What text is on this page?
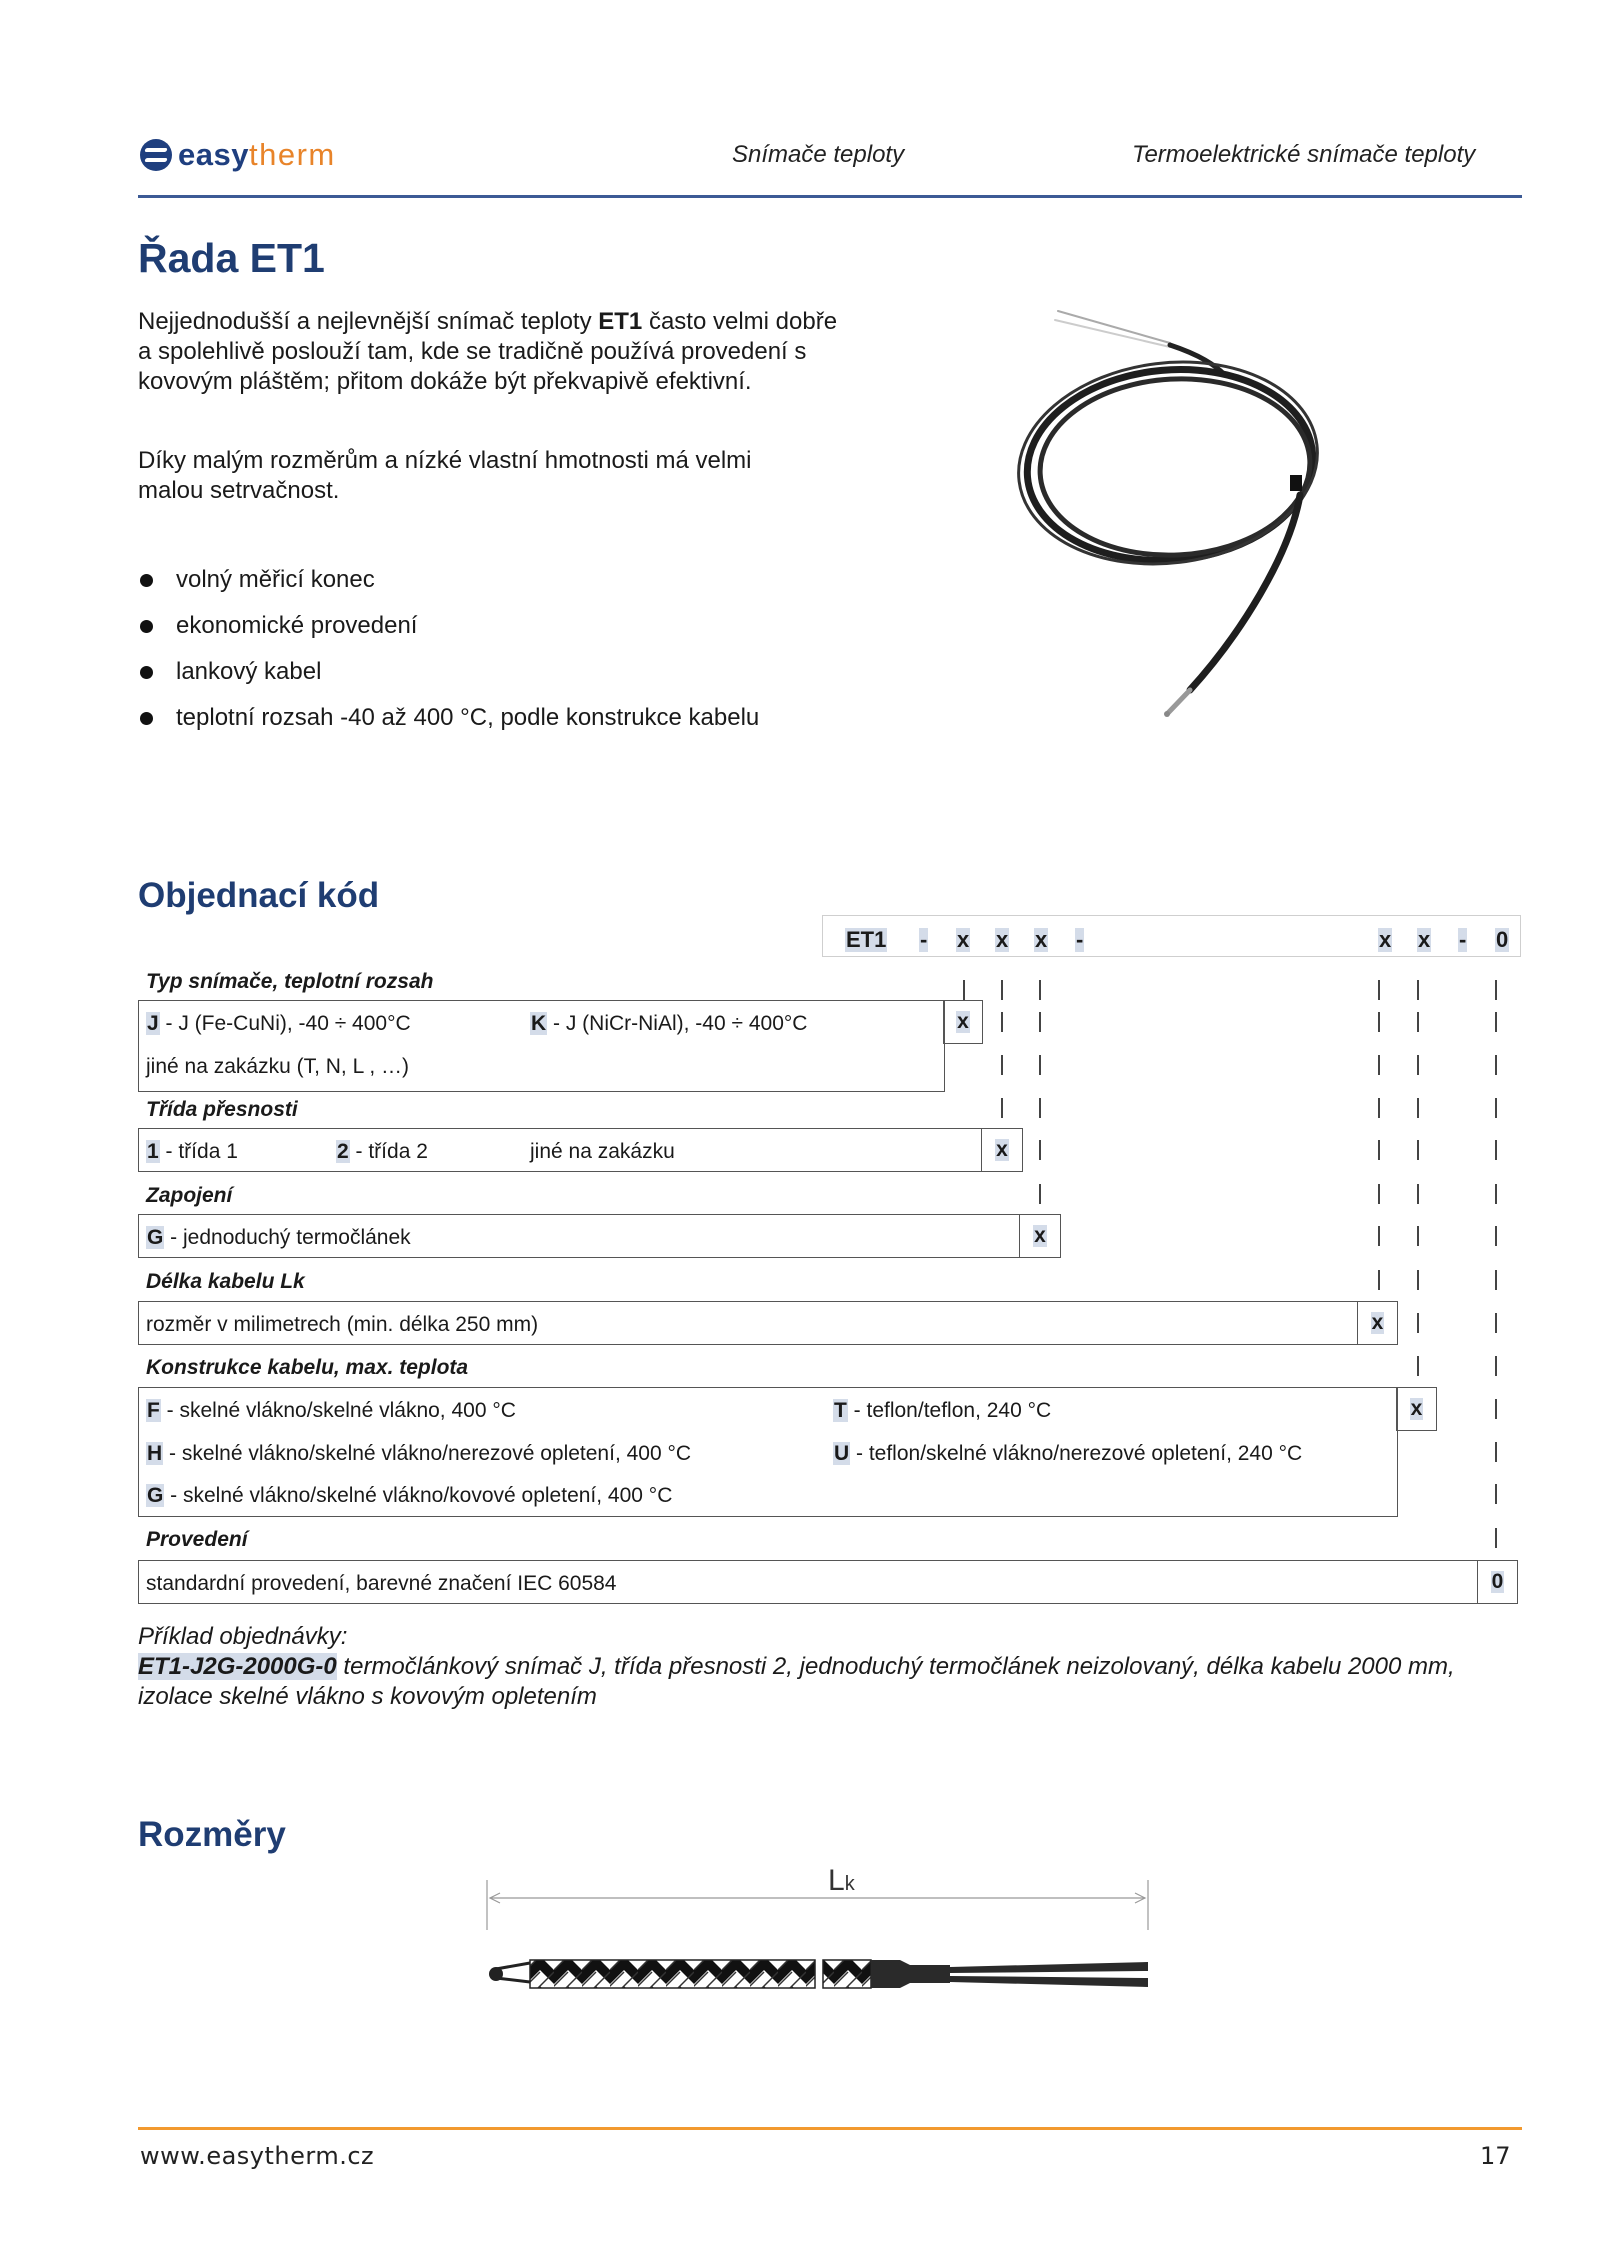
easy therm	Snímače teploty	Termoelektrické snímače teploty
Řada ET1
Nejjednodušší a nejlevnější snímač teploty ET1 často velmi dobře a spolehlivě poslouží tam, kde se tradičně používá provedení s kovovým pláštěm; přitom dokáže být překvapivě efektivní.
Díky malým rozměrům a nízké vlastní hmotnosti má velmi malou setrvačnost.
volný měřicí konec
ekonomické provedení
lankový kabel
teplotní rozsah -40 až 400 °C, podle konstrukce kabelu
Objednací kód
ET1 - x x x -	x x - 0
Typ snímače, teplotní rozsah
x
J - J (Fe-CuNi), -40 ÷ 400°C	K - J (NiCr-NiAl), -40 ÷ 400°C
jiné na zakázku (T, N, L , …)
Třída přesnosti
x
1 - třída 1	2 - třída 2	jiné na zakázku
Zapojení
x
G - jednoduchý termočlánek
Délka kabelu Lk
x
rozměr v milimetrech (min. délka 250 mm)
Konstrukce kabelu, max. teplota
x
F - skelné vlákno/skelné vlákno, 400 °C	T - teflon/teflon, 240 °C
H - skelné vlákno/skelné vlákno/nerezové opletení, 400 °C	U - teflon/skelné vlákno/nerezové opletení, 240 °C
G - skelné vlákno/skelné vlákno/kovové opletení, 400 °C
Provedení
0
standardní provedení, barevné značení IEC 60584
Příklad objednávky:
ET1-J2G-2000G-0 termočlánkový snímač J, třída přesnosti 2, jednoduchý termočlánek neizolovaný, délka kabelu 2000 mm, izolace skelné vlákno s kovovým opletením
Rozměry
Lk
www.easytherm.cz	17
